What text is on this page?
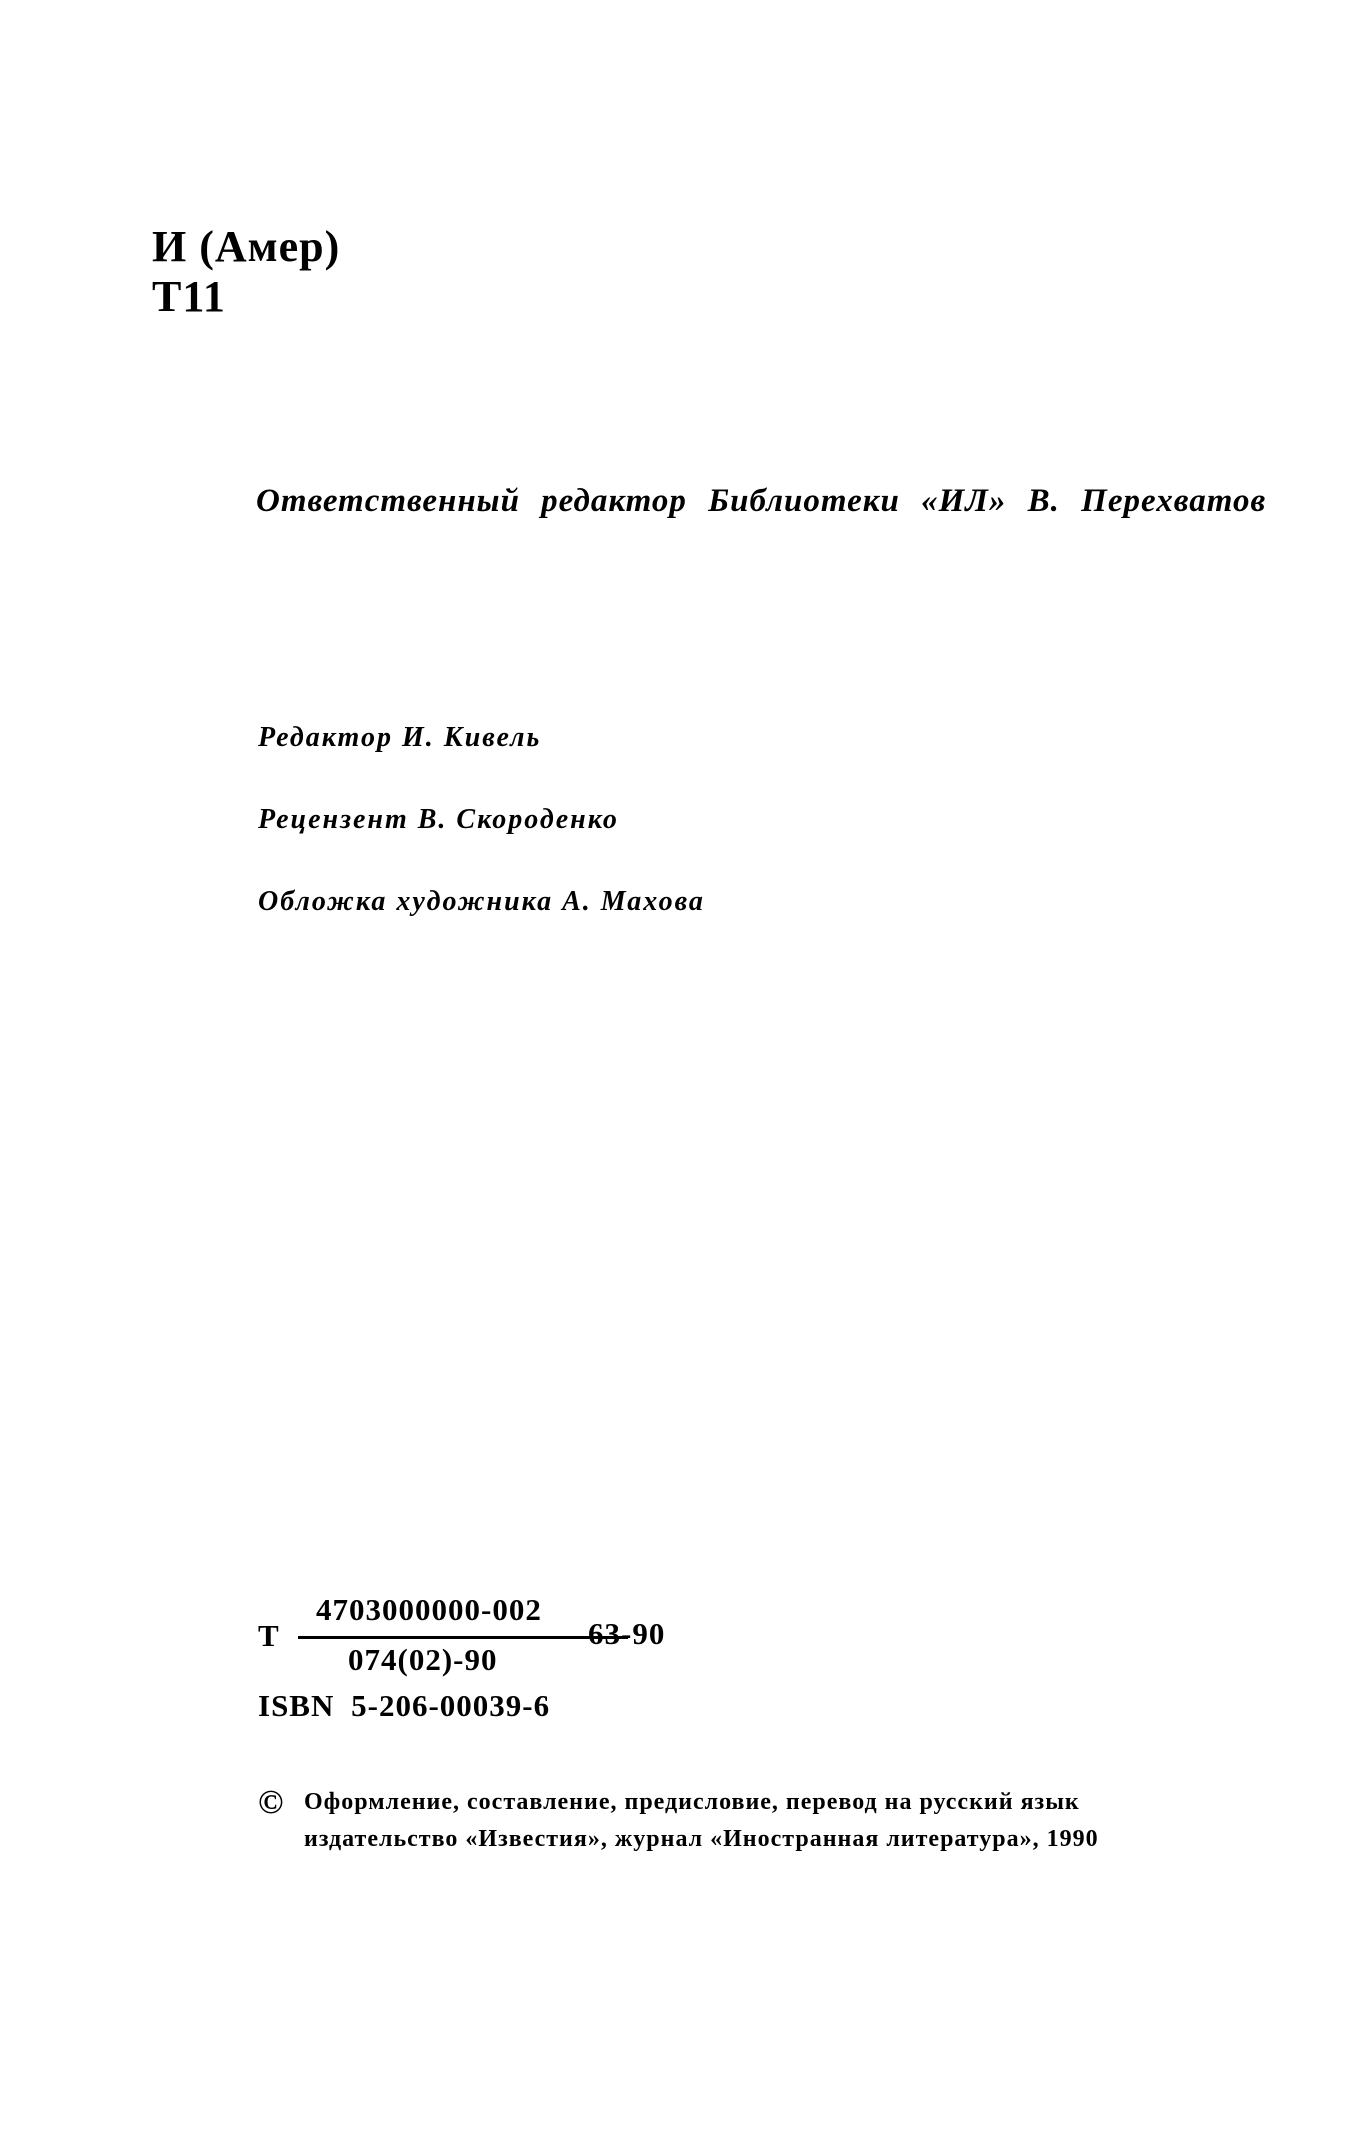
И (Амер)
Т11
Ответственный редактор Библиотеки «ИЛ» В. Перехватов
Редактор И. Кивель
Рецензент В. Скороденко
Обложка художника А. Махова
Т
4703000000-002
074(02)-90
63-90
ISBN 5-206-00039-6
© Оформление, составление, предисловие, перевод на русский язык
издательство «Известия», журнал «Иностранная литература», 1990
